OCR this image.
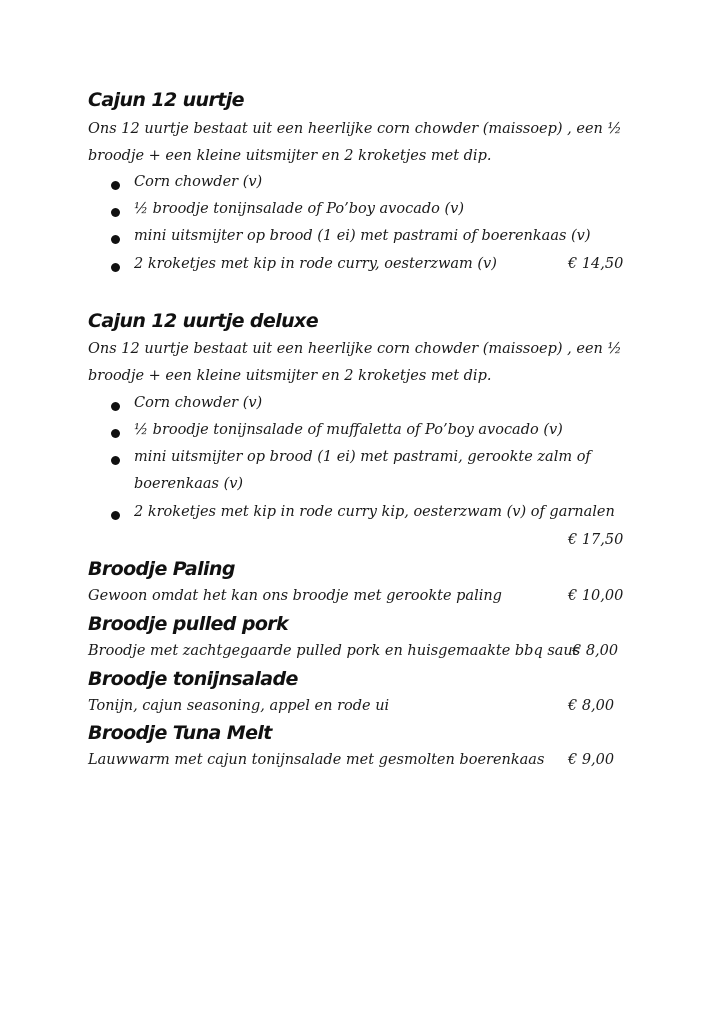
Cajun 12 uurtje
Ons 12 uurtje bestaat uit een heerlijke corn chowder (maissoep) , een ½
broodje + een kleine uitsmijter en 2 kroketjes met dip.
Corn chowder (v)
½ broodje tonijnsalade of Po’boy avocado (v)
mini uitsmijter op brood (1 ei) met pastrami of boerenkaas (v)
2 kroketjes met kip in rode curry, oesterzwam (v)	€ 14,50
Cajun 12 uurtje deluxe
Ons 12 uurtje bestaat uit een heerlijke corn chowder (maissoep) , een ½
broodje + een kleine uitsmijter en 2 kroketjes met dip.
Corn chowder (v)
½ broodje tonijnsalade of muffaletta of Po’boy avocado (v)
mini uitsmijter op brood (1 ei) met pastrami, gerookte zalm of
boerenkaas (v)
2 kroketjes met kip in rode curry kip, oesterzwam (v) of garnalen
€ 17,50
Broodje Paling
Gewoon omdat het kan ons broodje met gerookte paling	€ 10,00
Broodje pulled pork
Broodje met zachtgegaarde pulled pork en huisgemaakte bbq saus
€ 8,00
Broodje tonijnsalade
Tonijn, cajun seasoning, appel en rode ui	€ 8,00
Broodje Tuna Melt
Lauwwarm met cajun tonijnsalade met gesmolten boerenkaas € 9,00
